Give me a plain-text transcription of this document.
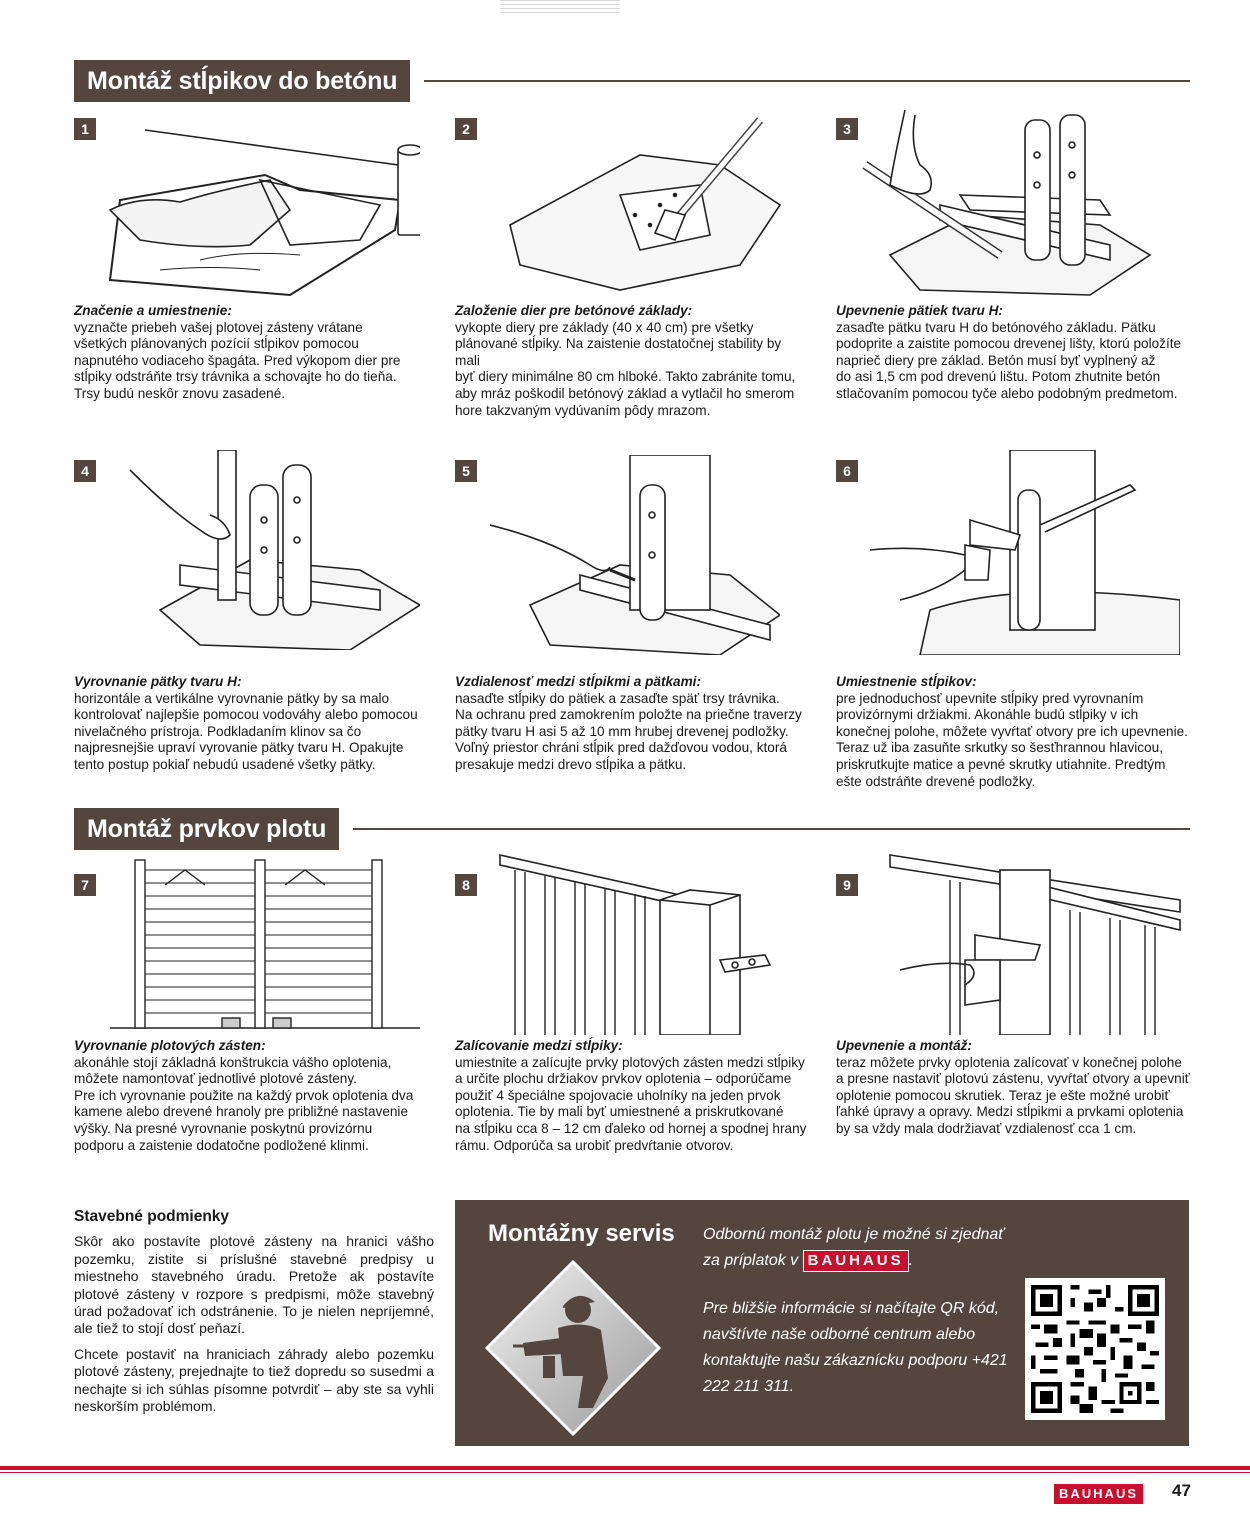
Montáž stĺpikov do betónu
1
Značenie a umiestnenie:
vyznačte priebeh vašej plotovej zásteny vrátane
všetkých plánovaných pozícií stĺpikov pomocou
napnutého vodiaceho špagáta. Pred výkopom dier pre
stĺpiky odstráňte trsy trávnika a schovajte ho do tieňa.
Trsy budú neskôr znovu zasadené.
2
Založenie dier pre betónové základy:
vykopte diery pre základy (40 x 40 cm) pre všetky
plánované stĺpiky. Na zaistenie dostatočnej stability by mali
byť diery minimálne 80 cm hlboké. Takto zabránite tomu,
aby mráz poškodil betónový základ a vytlačil ho smerom
hore takzvaným vydúvaním pôdy mrazom.
3
Upevnenie pätiek tvaru H:
zasaďte pätku tvaru H do betónového základu. Pätku
podoprite a zaistite pomocou drevenej lišty, ktorú položíte
naprieč diery pre základ. Betón musí byť vyplnený až
do asi 1,5 cm pod drevenú lištu. Potom zhutnite betón
stlačovaním pomocou tyče alebo podobným predmetom.
4
Vyrovnanie pätky tvaru H:
horizontále a vertikálne vyrovnanie pätky by sa malo
kontrolovať najlepšie pomocou vodováhy alebo pomocou
nivelačného prístroja. Podkladaním klinov sa čo
najpresnejšie upraví vyrovanie pätky tvaru H. Opakujte
tento postup pokiaľ nebudú usadené všetky pätky.
5
Vzdialenosť medzi stĺpikmi a pätkami:
nasaďte stĺpiky do pätiek a zasaďte späť trsy trávnika.
Na ochranu pred zamokrením položte na priečne traverzy
pätky tvaru H asi 5 až 10 mm hrubej drevenej podložky.
Voľný priestor chráni stĺpik pred dažďovou vodou, ktorá
presakuje medzi drevo stĺpika a pätku.
6
Umiestnenie stĺpikov:
pre jednoduchosť upevnite stĺpiky pred vyrovnaním
provizórnymi držiakmi. Akonáhle budú stĺpiky v ich
konečnej polohe, môžete vyvŕtať otvory pre ich upevnenie.
Teraz už iba zasuňte srkutky so šesťhrannou hlavicou,
priskrutkujte matice a pevné skrutky utiahnite. Predtým
ešte odstráňte drevené podložky.
Montáž prvkov plotu
7
Vyrovnanie plotových zásten:
akonáhle stojí základná konštrukcia vášho oplotenia,
môžete namontovať jednotlivé plotové zásteny.
Pre ich vyrovnanie použite na každý prvok oplotenia dva
kamene alebo drevené hranoly pre približné nastavenie
výšky. Na presné vyrovnanie poskytnú provizórnu
podporu a zaistenie dodatočne podložené klinmi.
8
Zalícovanie medzi stĺpiky:
umiestnite a zalícujte prvky plotových zásten medzi stĺpiky
a určite plochu držiakov prvkov oplotenia – odporúčame
použiť 4 špeciálne spojovacie uholníky na jeden prvok
oplotenia. Tie by mali byť umiestnené a priskrutkované
na stĺpiku cca 8 – 12 cm ďaleko od hornej a spodnej hrany
rámu. Odporúča sa urobiť predvŕtanie otvorov.
9
Upevnenie a montáž:
teraz môžete prvky oplotenia zalícovať v konečnej polohe
a presne nastaviť plotovú zástenu, vyvŕtať otvory a upevniť
oplotenie pomocou skrutiek. Teraz je ešte možné urobiť
ľahké úpravy a opravy. Medzi stĺpikmi a prvkami oplotenia
by sa vždy mala dodržiavať vzdialenosť cca 1 cm.
Stavebné podmienky
Skôr ako postavíte plotové zásteny na hranici vášho pozemku, zistite si príslušné stavebné predpisy u miestneho stavebného úradu. Pretože ak postavíte plotové zásteny v rozpore s predpismi, môže stavebný úrad požadovať ich odstránenie. To je nielen nepríjemné, ale tiež to stojí dosť peňazí.
Chcete postaviť na hraniciach záhrady alebo pozemku plotové zásteny, prejednajte to tiež dopredu so susedmi a nechajte si ich súhlas písomne potvrdiť – aby ste sa vyhli neskorším problémom.
Montážny servis Odbornú montáž plotu je možné si zjednať za príplatok v BAUHAUS .
Pre bližšie informácie si načítajte QR kód, navštívte naše odborné centrum alebo kontaktujte našu zákaznícku podporu +421 222 211 311.
BAUHAUS 47
